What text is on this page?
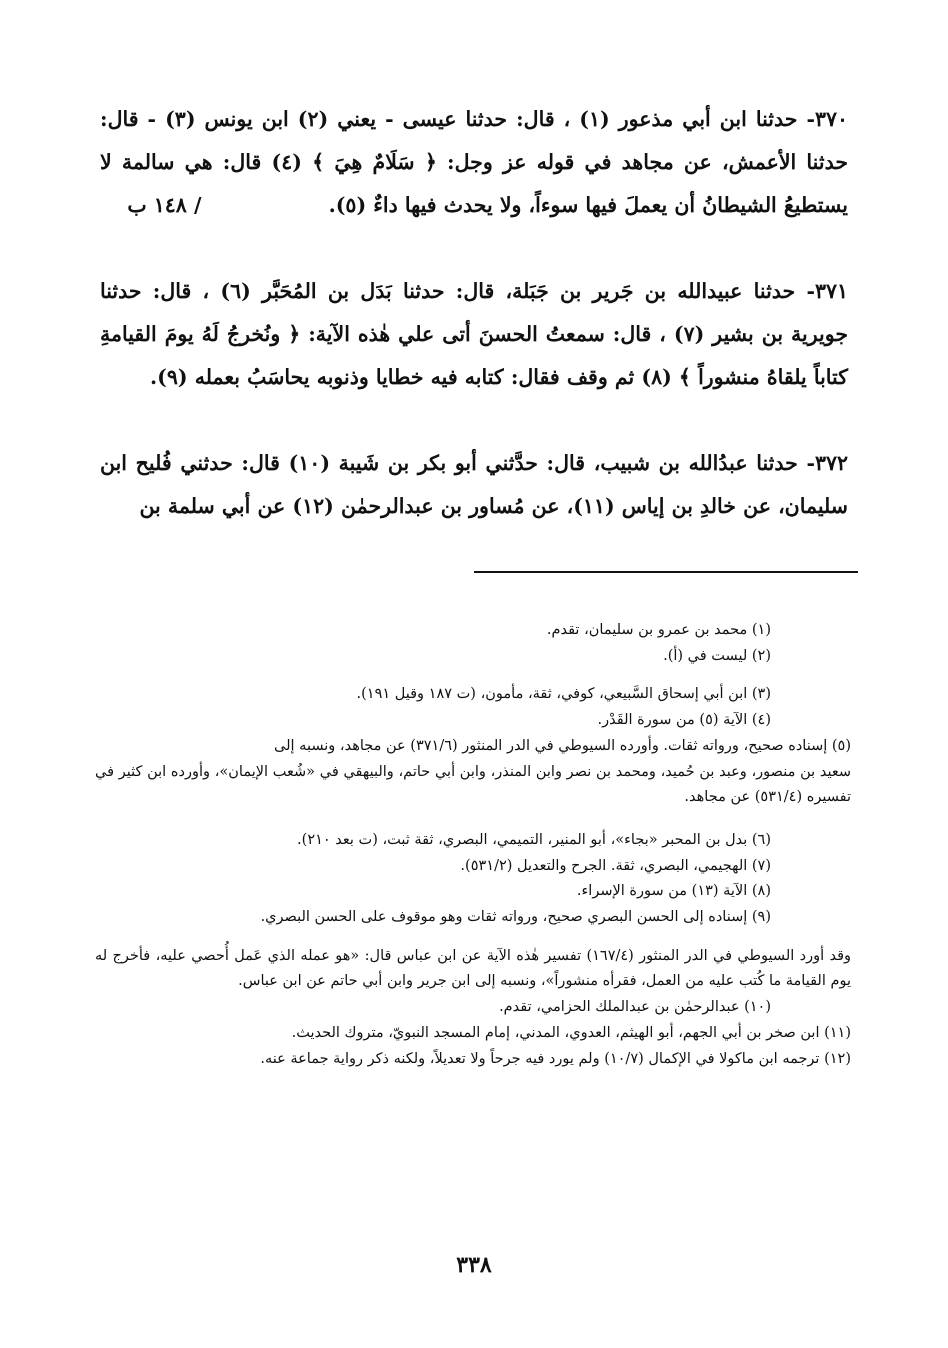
٣٧٠- حدثنا ابن أبي مذعور (١) ، قال: حدثنا عيسى - يعني (٢) ابن يونس (٣) - قال: حدثنا الأعمش، عن مجاهد في قوله عز وجل: ﴿ سَلَامٌ هِيَ ﴾ (٤) قال: هي سالمة لا يستطيعُ الشيطانُ أن يعملَ فيها سوءاً، ولا يحدث فيها داءٌ (٥). / ١٤٨ ب

٣٧١- حدثنا عبيدالله بن جَرير بن جَبَلة، قال: حدثنا بَدَل بن المُحَبَّر (٦) ، قال: حدثنا جويرية بن بشير (٧) ، قال: سمعتُ الحسنَ أتى علي هٰذه الآية: ﴿ ونُخرجُ لَهُ يومَ القيامةِ كتاباً يلقاهُ منشوراً ﴾ (٨) ثم وقف فقال: كتابه فيه خطايا وذنوبه يحاسَبُ بعمله (٩).

٣٧٢- حدثنا عبدُالله بن شبيب، قال: حدَّثني أبو بكر بن شَيبة (١٠) قال: حدثني فُليح ابن سليمان، عن خالدِ بن إياس (١١)، عن مُساور بن عبدالرحمٰن (١٢) عن أبي سلمة بن

(١) محمد بن عمرو بن سليمان، تقدم.

(٢) ليست في (أ).

(٣) ابن أبي إسحاق السَّبيعي، كوفي، ثقة، مأمون، (ت ١٨٧ وقيل ١٩١).

(٤) الآية (٥) من سورة القَدْر.

(٥) إسناده صحيح، ورواته ثقات. وأورده السيوطي في الدر المنثور (٣٧١/٦) عن مجاهد، ونسبه إلى

سعيد بن منصور، وعبد بن حُميد، ومحمد بن نصر وابن المنذر، وابن أبي حاتم، والبيهقي في «شُعب الإيمان»، وأورده ابن كثير في تفسيره (٥٣١/٤) عن مجاهد.

(٦) بدل بن المحبر «بجاء»، أبو المنير، التميمي، البصري، ثقة ثبت، (ت بعد ٢١٠).

(٧) الهجيمي، البصري، ثقة. الجرح والتعديل (٥٣١/٢).

(٨) الآية (١٣) من سورة الإسراء.

(٩) إسناده إلى الحسن البصري صحيح، ورواته ثقات وهو موقوف على الحسن البصري.

وقد أورد السيوطي في الدر المنثور (١٦٧/٤) تفسير هٰذه الآية عن ابن عباس قال: «هو عمله الذي عَمل أُحصي عليه، فأخرج له يوم القيامة ما كُتب عليه من العمل، فقرأه منشوراً»، ونسبه إلى ابن جرير وابن أبي حاتم عن ابن عباس.

(١٠) عبدالرحمٰن بن عبدالملك الحزامي، تقدم.

(١١) ابن صخر بن أبي الجهم، أبو الهيثم، العدوي، المدني، إمام المسجد النبويّ، متروك الحديث.

(١٢) ترجمه ابن ماكولا في الإكمال (١٠/٧) ولم يورد فيه جرحاً ولا تعديلاً، ولكنه ذكر رواية جماعة عنه.

٣٣٨
